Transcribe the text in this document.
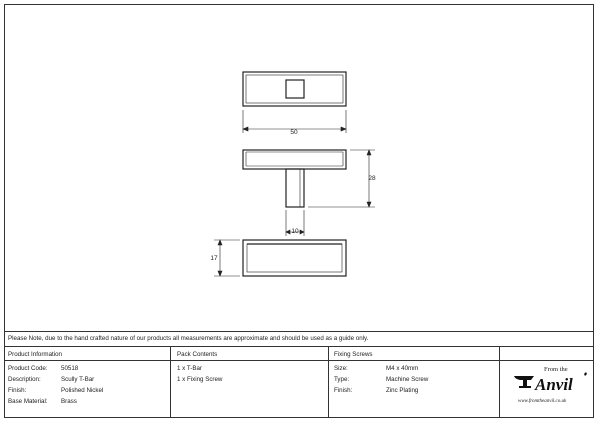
50
28
10
17
Please Note, due to the hand crafted nature of our products all measurements are approximate and should be used as a guide only.
Product Information
Product Code: 50518
Description:	Scully T-Bar
Finish:	Polished Nickel
Base Material: Brass
Pack Contents
1 x T-Bar
1 x Fixing Screw
Fixing Screws
Size:	M4 x 40mm
Type:	Machine Screw
Finish:	Zinc Plating
From the
Anvil
www.fromtheanvil.co.uk
